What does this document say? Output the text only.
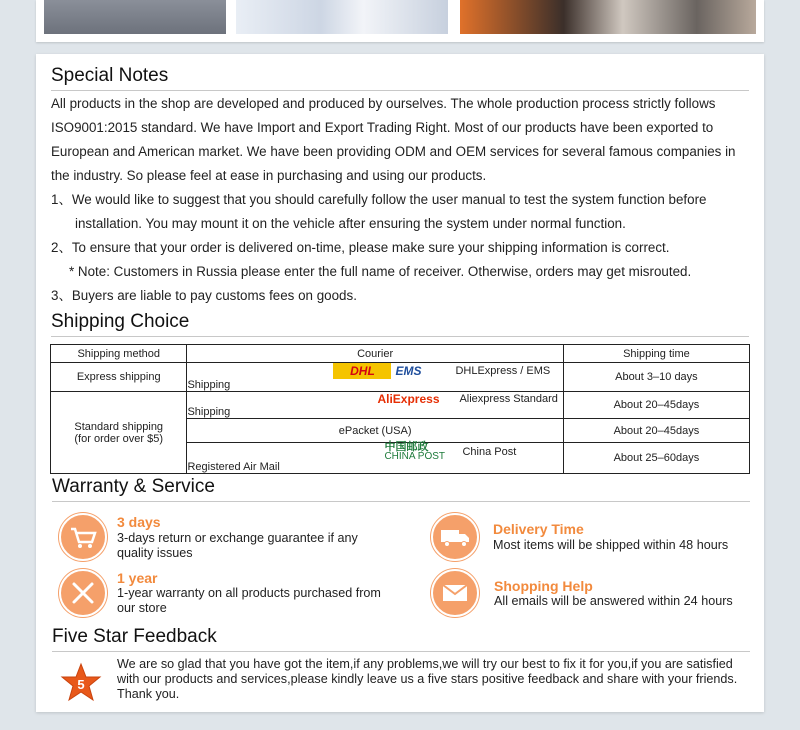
Special Notes

All products in the shop are developed and produced by ourselves. The whole production process strictly follows ISO9001:2015 standard. We have Import and Export Trading Right. Most of our products have been exported to European and American market. We have been providing ODM and OEM services for several famous companies in the industry. So please feel at ease in purchasing and using our products.

1、We would like to suggest that you should carefully follow the user manual to test the system function before

installation. You may mount it on the vehicle after ensuring the system under normal function.

2、To ensure that your order is delivered on-time, please make sure your shipping information is correct.

* Note: Customers in Russia please enter the full name of receiver. Otherwise, orders may get misrouted.

3、Buyers are liable to pay customs fees on goods.

Shipping Choice
Shipping method	Courier	Shipping time
Express shipping	DHL EMS DHLExpress / EMS Shipping	About 3–10 days

Standard shipping
(for order over $5)	AliExpress Aliexpress Standard Shipping	About 20–45days
	ePacket (USA)	About 20–45days
	中国邮政
CHINA POST China Post Registered Air Mail	About 25–60days
Warranty & Service
3 days
3-days return or exchange guarantee if any quality issues
Delivery Time
Most items will be shipped within 48 hours
1 year
1-year warranty on all products purchased from our store
Shopping Help
All emails will be answered within 24 hours
Five Star Feedback
5
We are so glad that you have got the item,if any problems,we will try our best to fix it for you,if you are satisfied with our products and services,please kindly leave us a five stars positive feedback and share with your friends. Thank you.
